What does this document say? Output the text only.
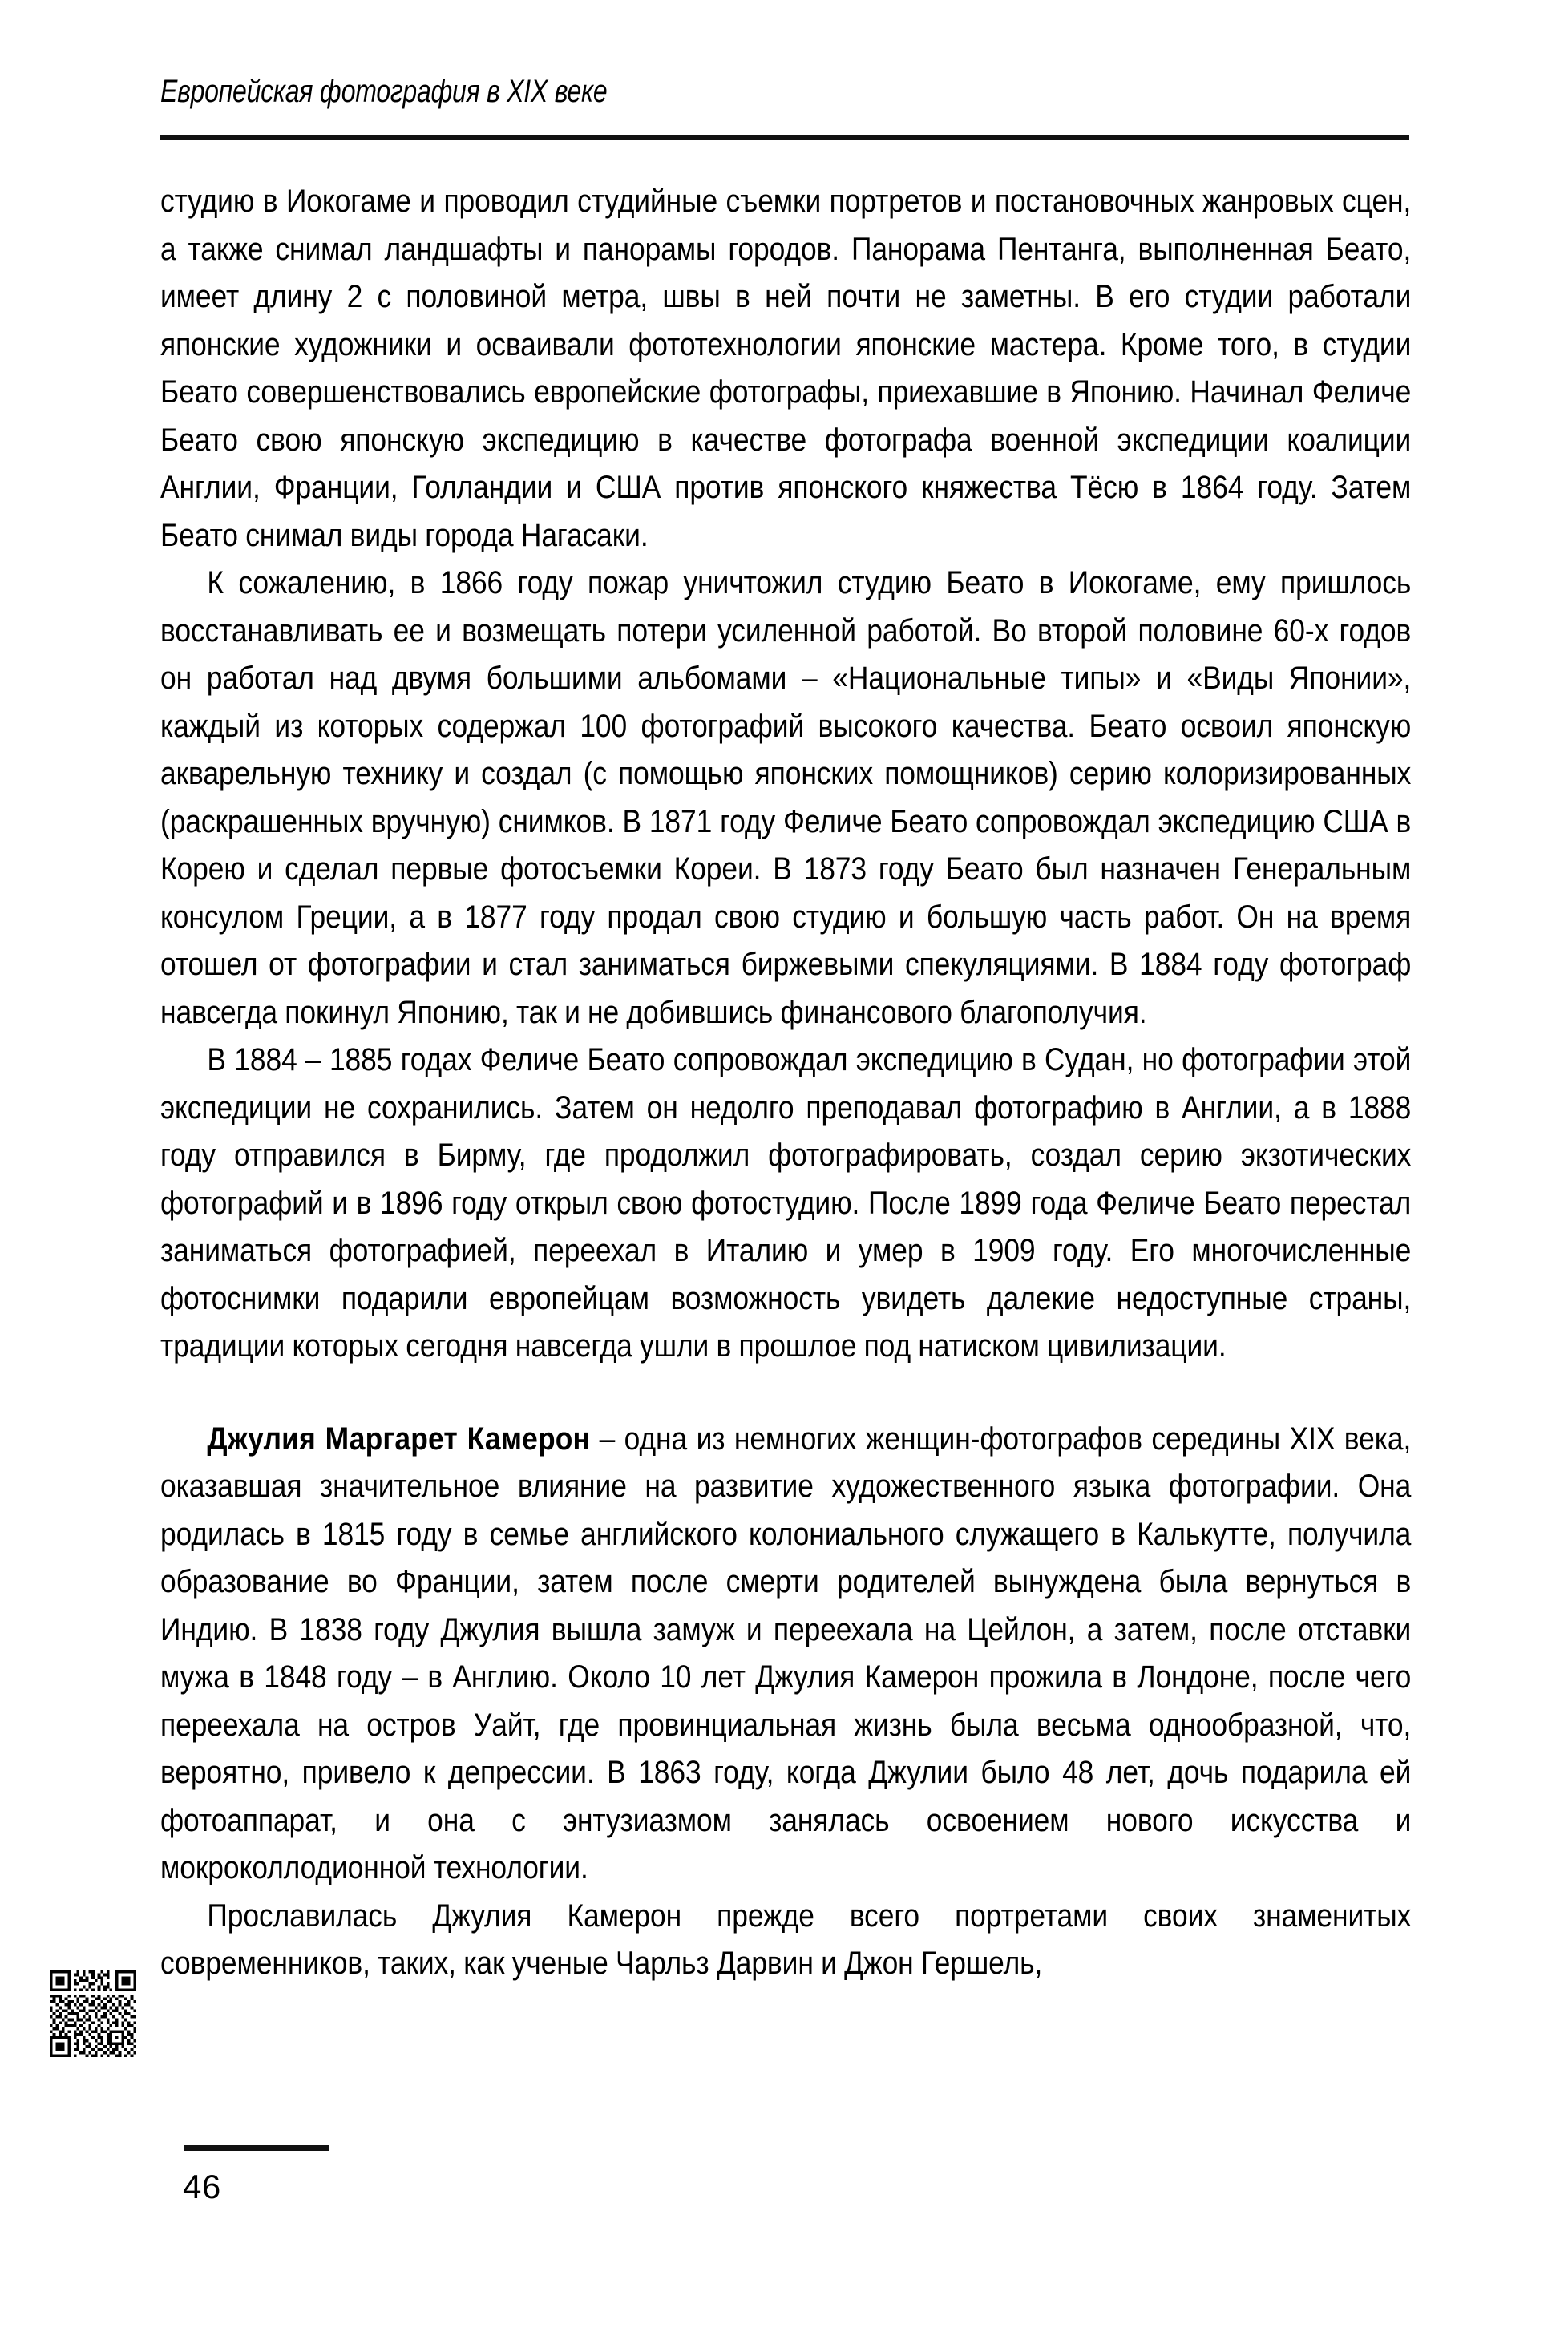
Европейская фотография в XIX веке

студию в Иокогаме и проводил студийные съемки портретов и постановочных жанровых сцен, а также снимал ландшафты и панорамы городов. Панорама Пентанга, выполненная Беато, имеет длину 2 с половиной метра, швы в ней почти не заметны. В его студии работали японские художники и осваивали фототехнологии японские мастера. Кроме того, в студии Беато совершенствовались европейские фотографы, приехавшие в Японию. Начинал Феличе Беато свою японскую экспедицию в качестве фотографа военной экспедиции коалиции Англии, Франции, Голландии и США против японского княжества Тёсю в 1864 году. Затем Беато снимал виды города Нагасаки.

К сожалению, в 1866 году пожар уничтожил студию Беато в Иокогаме, ему пришлось восстанавливать ее и возмещать потери усиленной работой. Во второй половине 60-х годов он работал над двумя большими альбомами – «Национальные типы» и «Виды Японии», каждый из которых содержал 100 фотографий высокого качества. Беато освоил японскую акварельную технику и создал (с помощью японских помощников) серию колоризированных (раскрашенных вручную) снимков. В 1871 году Феличе Беато сопровождал экспедицию США в Корею и сделал первые фотосъемки Кореи. В 1873 году Беато был назначен Генеральным консулом Греции, а в 1877 году продал свою студию и большую часть работ. Он на время отошел от фотографии и стал заниматься биржевыми спекуляциями. В 1884 году фотограф навсегда покинул Японию, так и не добившись финансового благополучия.

В 1884 – 1885 годах Феличе Беато сопровождал экспедицию в Судан, но фотографии этой экспедиции не сохранились. Затем он недолго преподавал фотографию в Англии, а в 1888 году отправился в Бирму, где продолжил фотографировать, создал серию экзотических фотографий и в 1896 году открыл свою фотостудию. После 1899 года Феличе Беато перестал заниматься фотографией, переехал в Италию и умер в 1909 году. Его многочисленные фотоснимки подарили европейцам возможность увидеть далекие недоступные страны, традиции которых сегодня навсегда ушли в прошлое под натиском цивилизации.

Джулия Маргарет Камерон – одна из немногих женщин-фотографов середины XIX века, оказавшая значительное влияние на развитие художественного языка фотографии. Она родилась в 1815 году в семье английского колониального служащего в Калькутте, получила образование во Франции, затем после смерти родителей вынуждена была вернуться в Индию. В 1838 году Джулия вышла замуж и переехала на Цейлон, а затем, после отставки мужа в 1848 году – в Англию. Около 10 лет Джулия Камерон прожила в Лондоне, после чего переехала на остров Уайт, где провинциальная жизнь была весьма однообразной, что, вероятно, привело к депрессии. В 1863 году, когда Джулии было 48 лет, дочь подарила ей фотоаппарат, и она с энтузиазмом занялась освоением нового искусства и мокроколлодионной технологии.

Прославилась Джулия Камерон прежде всего портретами своих знаменитых современников, таких, как ученые Чарльз Дарвин и Джон Гершель,

46
